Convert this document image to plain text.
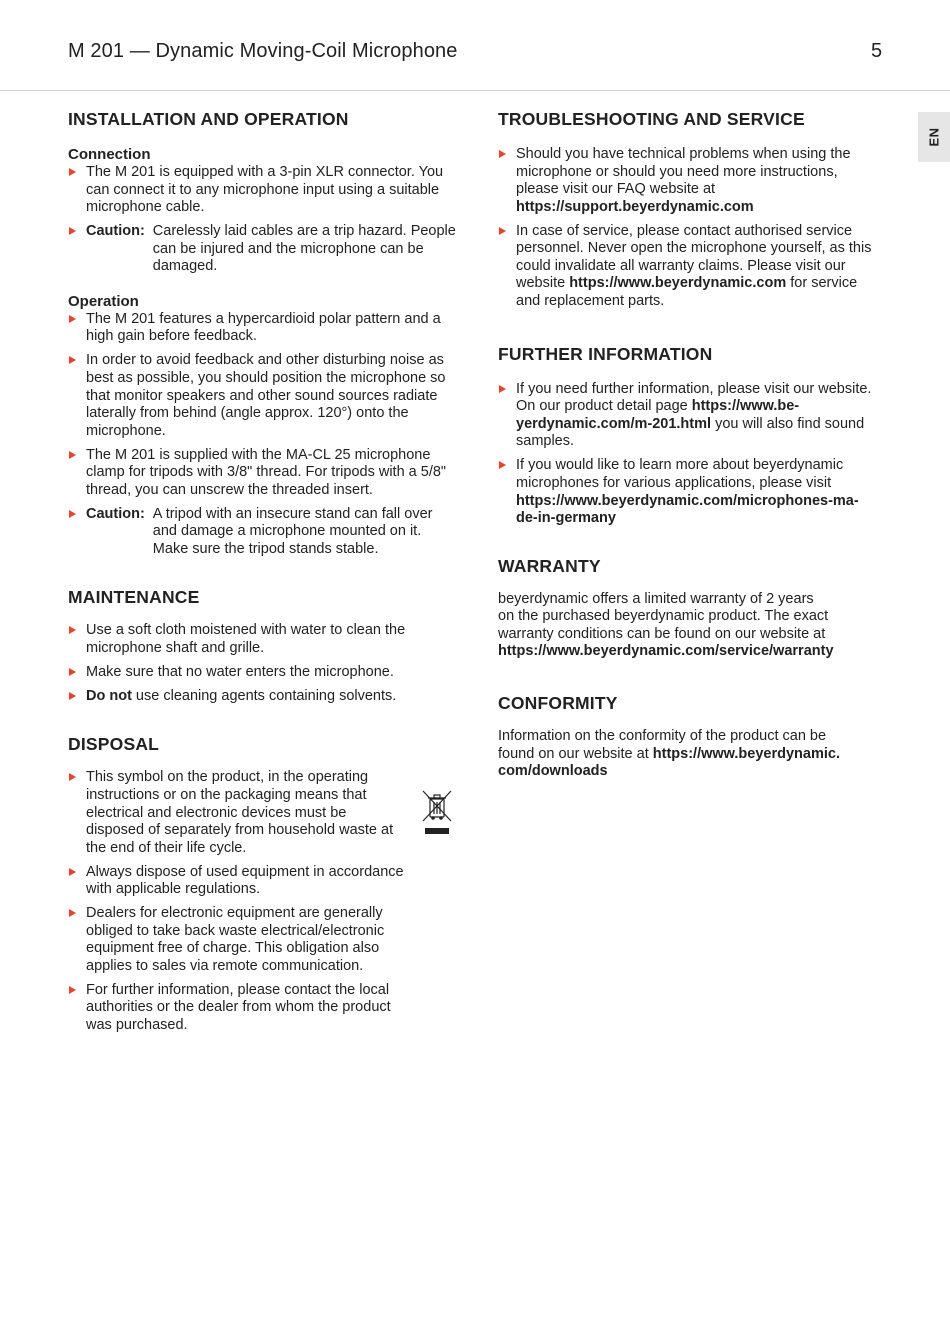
M 201 — Dynamic Moving-Coil Microphone	5
EN
INSTALLATION AND OPERATION
Connection
The M 201 is equipped with a 3-pin XLR connector. You can connect it to any microphone input using a suitable microphone cable.
Caution: Carelessly laid cables are a trip hazard. People can be injured and the microphone can be damaged.
Operation
The M 201 features a hypercardioid polar pattern and a high gain before feedback.
In order to avoid feedback and other disturbing noise as best as possible, you should position the microphone so that monitor speakers and other sound sources radiate laterally from behind (angle approx. 120°) onto the microphone.
The M 201 is supplied with the MA-CL 25 microphone clamp for tripods with 3/8" thread. For tripods with a 5/8" thread, you can unscrew the threaded insert.
Caution: A tripod with an insecure stand can fall over and damage a microphone mounted on it. Make sure the tripod stands stable.
MAINTENANCE
Use a soft cloth moistened with water to clean the microphone shaft and grille.
Make sure that no water enters the microphone.
Do not use cleaning agents containing solvents.
DISPOSAL
This symbol on the product, in the operating instructions or on the packaging means that electrical and electronic devices must be disposed of separately from household waste at the end of their life cycle.
Always dispose of used equipment in accordance with applicable regulations.
Dealers for electronic equipment are generally obliged to take back waste electrical/electronic equipment free of charge. This obligation also applies to sales via remote communication.
For further information, please contact the local authorities or the dealer from whom the product was purchased.
TROUBLESHOOTING AND SERVICE
Should you have technical problems when using the microphone or should you need more instructions, please visit our FAQ website at
https://support.beyerdynamic.com
In case of service, please contact authorised service personnel. Never open the microphone yourself, as this could invalidate all warranty claims. Please visit our website https://www.beyerdynamic.com for service and replacement parts.
FURTHER INFORMATION
If you need further information, please visit our website. On our product detail page https://www.be-
yerdynamic.com/m-201.html you will also find sound samples.
If you would like to learn more about beyerdynamic microphones for various applications, please visit
https://www.beyerdynamic.com/microphones-ma-
de-in-germany
WARRANTY

beyerdynamic offers a limited warranty of 2 years
on the purchased beyerdynamic product. The exact
warranty conditions can be found on our website at
https://www.beyerdynamic.com/service/warranty

CONFORMITY

Information on the conformity of the product can be
found on our website at https://www.beyerdynamic.
com/downloads
